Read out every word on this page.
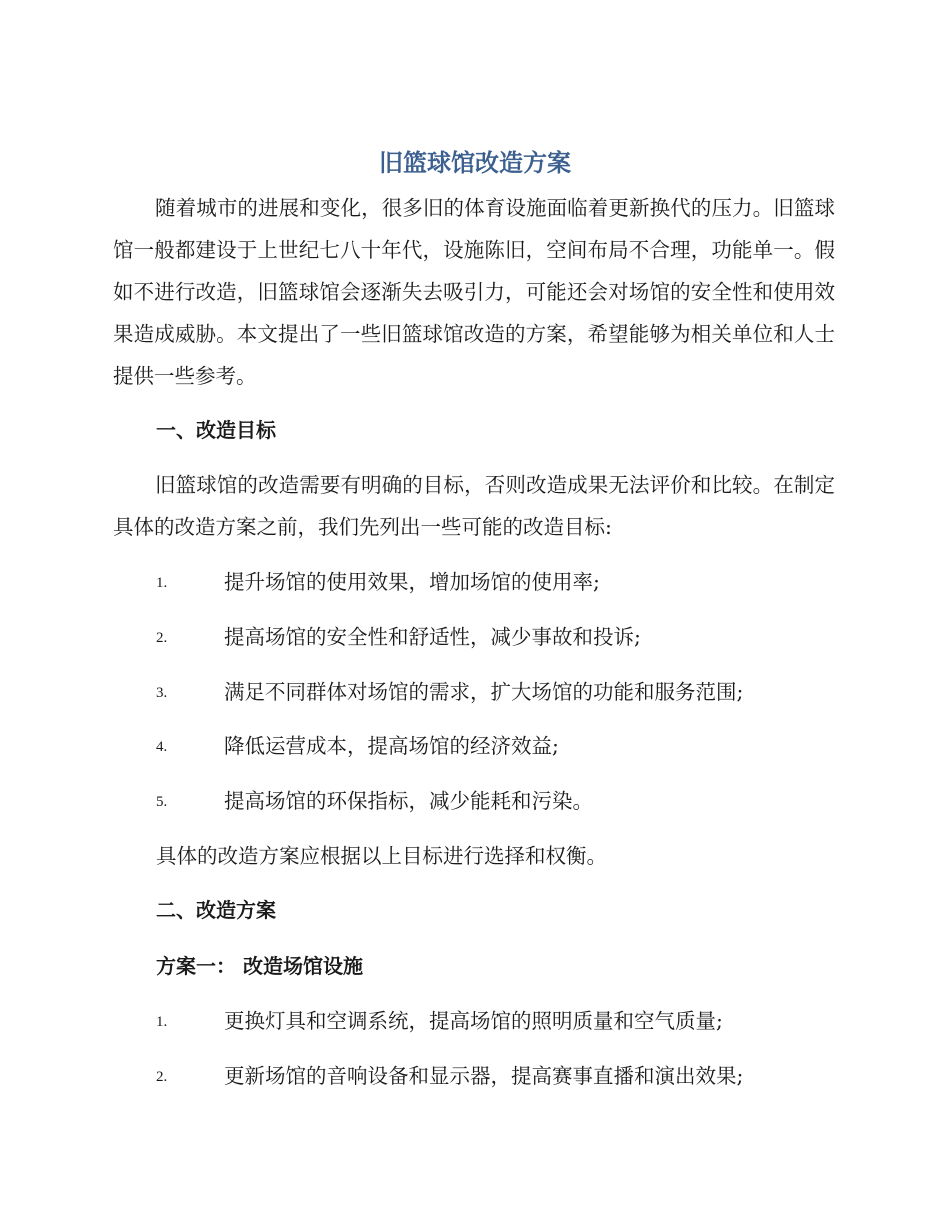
旧篮球馆改造方案
随着城市的进展和变化，很多旧的体育设施面临着更新换代的压力。旧篮球馆一般都建设于上世纪七八十年代，设施陈旧，空间布局不合理，功能单一。假如不进行改造，旧篮球馆会逐渐失去吸引力，可能还会对场馆的安全性和使用效果造成威胁。本文提出了一些旧篮球馆改造的方案，希望能够为相关单位和人士提供一些参考。
一、改造目标
旧篮球馆的改造需要有明确的目标，否则改造成果无法评价和比较。在制定具体的改造方案之前，我们先列出一些可能的改造目标:
1.	提升场馆的使用效果，增加场馆的使用率;
2.	提高场馆的安全性和舒适性，减少事故和投诉;
3.	满足不同群体对场馆的需求，扩大场馆的功能和服务范围;
4.	降低运营成本，提高场馆的经济效益;
5.	提高场馆的环保指标，减少能耗和污染。
具体的改造方案应根据以上目标进行选择和权衡。
二、改造方案
方案一： 改造场馆设施
1.	更换灯具和空调系统，提高场馆的照明质量和空气质量;
2.	更新场馆的音响设备和显示器，提高赛事直播和演出效果;
